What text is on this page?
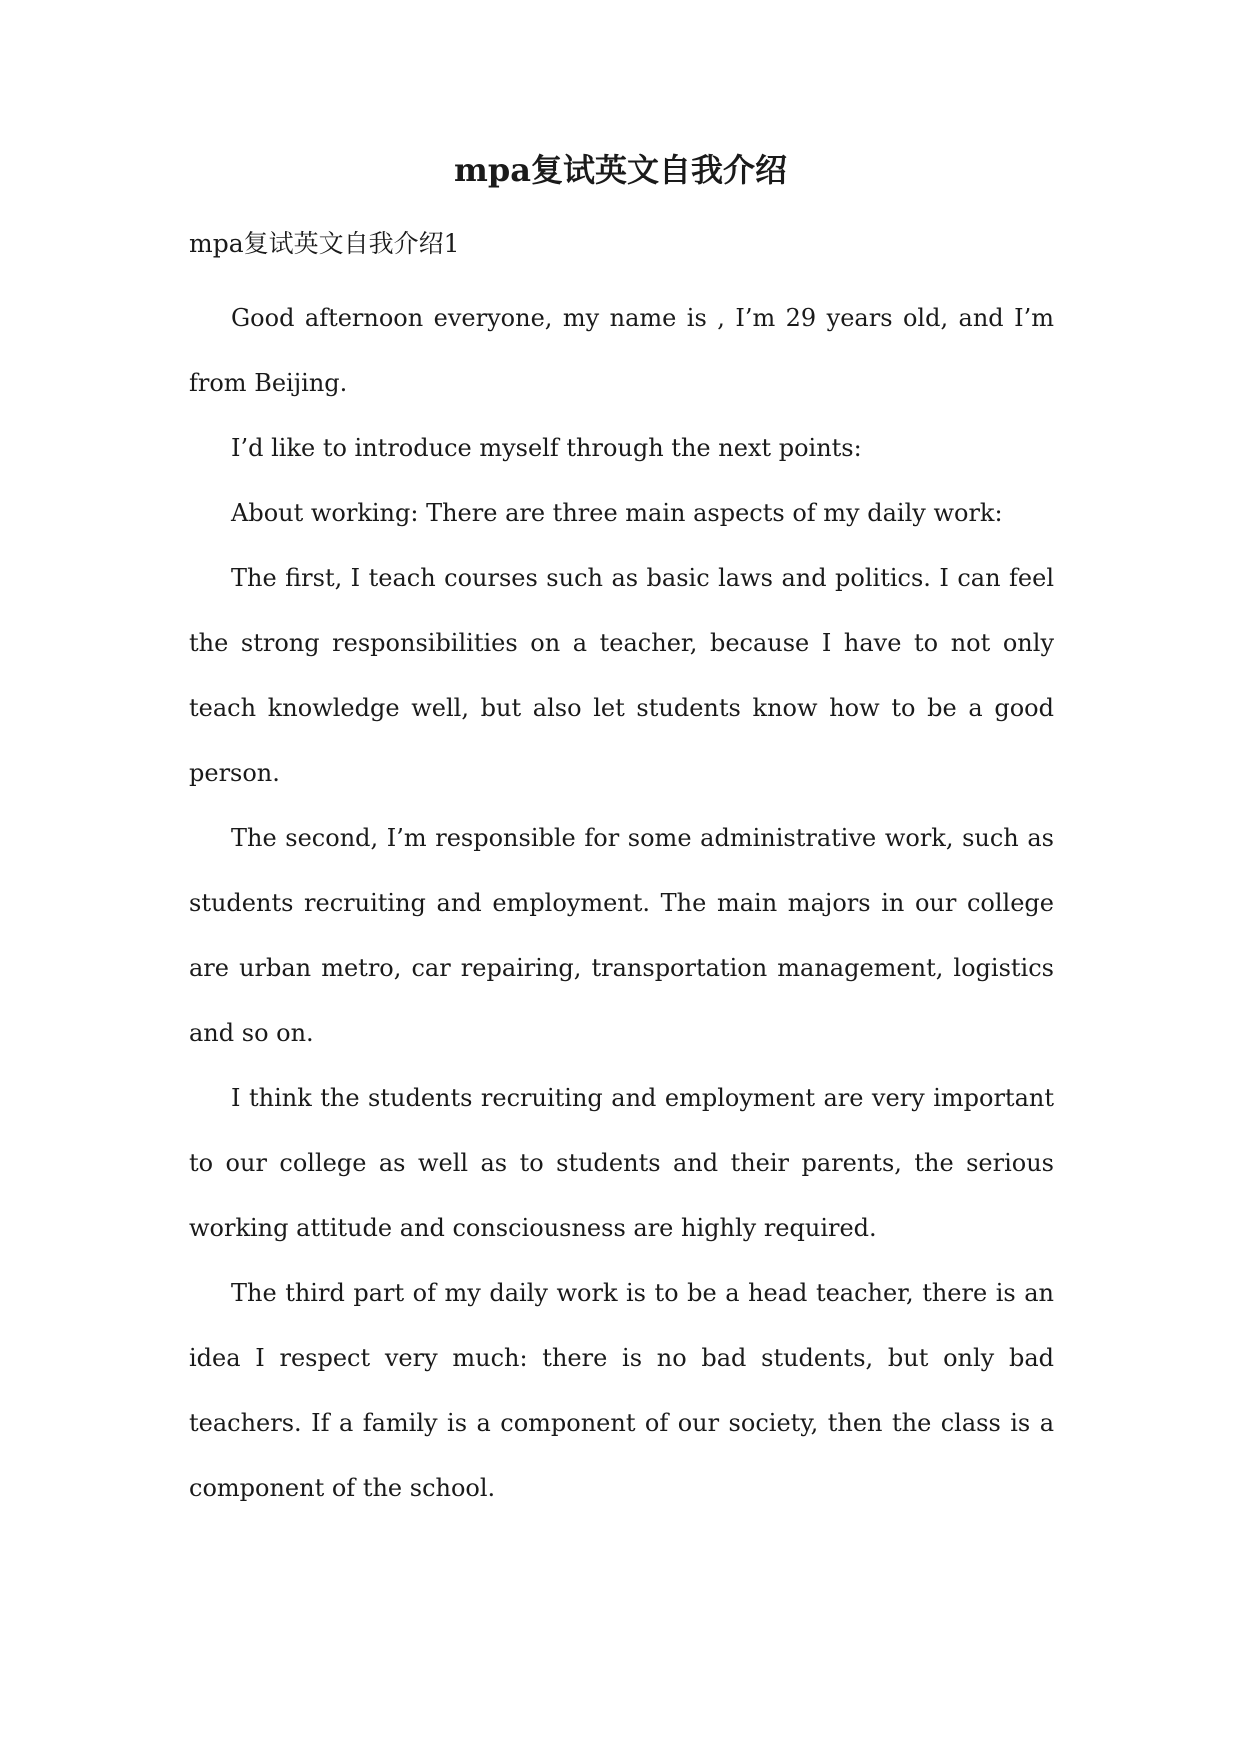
mpa复试英文自我介绍

mpa复试英文自我介绍1

Good afternoon everyone, my name is , I’m 29 years old, and I’m from Beijing.

I’d like to introduce myself through the next points:

About working: There are three main aspects of my daily work:

The first, I teach courses such as basic laws and politics. I can feel the strong responsibilities on a teacher, because I have to not only teach knowledge well, but also let students know how to be a good person.

The second, I’m responsible for some administrative work, such as students recruiting and employment. The main majors in our college are urban metro, car repairing, transportation management, logistics and so on.

I think the students recruiting and employment are very important to our college as well as to students and their parents, the serious working attitude and consciousness are highly required.

The third part of my daily work is to be a head teacher, there is an idea I respect very much: there is no bad students, but only bad teachers. If a family is a component of our society, then the class is a component of the school.
